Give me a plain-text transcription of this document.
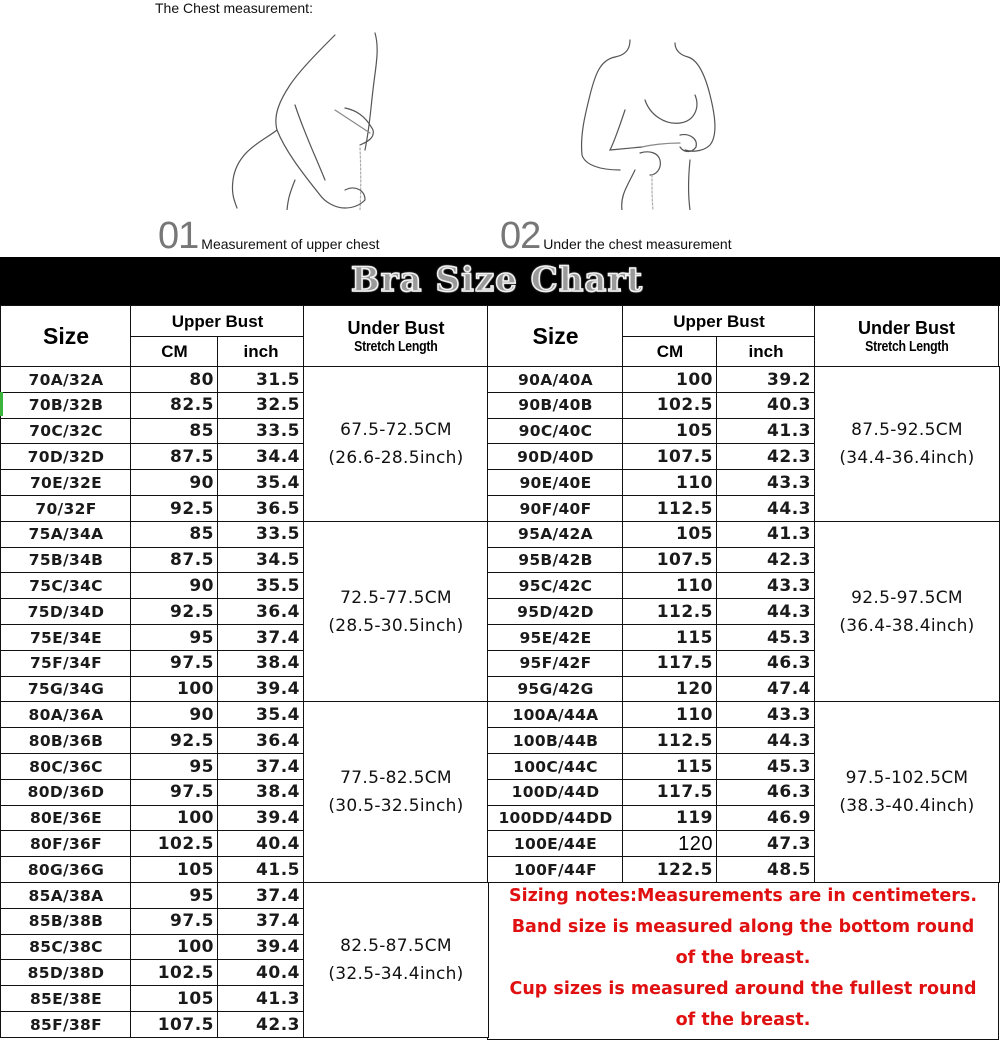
The Chest measurement:
01 Measurement of upper chest	02 Under the chest measurement
Bra Size Chart
Size
Upper Bust
CM	inch
Under Bust
Stretch Length	Size
Upper Bust
CM	inch
Under Bust
Stretch Length
Sizing notes:Measurements are in centimeters.
Band size is measured along the bottom round
of the breast.
Cup sizes is measured around the fullest round
of the breast.
70A/32A	80	31.5
70B/32B	82.5	32.5
70C/32C	85	33.5
70D/32D	87.5	34.4
70E/32E	90	35.4
70/32F	92.5	36.5
67.5-72.5CM
(26.6-28.5inch)
75A/34A	85	33.5
75B/34B	87.5	34.5
75C/34C	90	35.5
75D/34D	92.5	36.4
75E/34E	95	37.4
75F/34F	97.5	38.4
75G/34G	100	39.4
72.5-77.5CM
(28.5-30.5inch)
80A/36A	90	35.4
80B/36B	92.5	36.4
80C/36C	95	37.4
80D/36D	97.5	38.4
80E/36E	100	39.4
80F/36F	102.5	40.4
80G/36G	105	41.5
77.5-82.5CM
(30.5-32.5inch)
85A/38A	95	37.4
85B/38B	97.5	37.4
85C/38C	100	39.4
85D/38D	102.5	40.4
85E/38E	105	41.3
85F/38F	107.5	42.3
82.5-87.5CM
(32.5-34.4inch)
90A/40A	100	39.2
90B/40B	102.5	40.3
90C/40C	105	41.3
90D/40D	107.5	42.3
90E/40E	110	43.3
90F/40F	112.5	44.3
87.5-92.5CM
(34.4-36.4inch)
95A/42A	105	41.3
95B/42B	107.5	42.3
95C/42C	110	43.3
95D/42D	112.5	44.3
95E/42E	115	45.3
95F/42F	117.5	46.3
95G/42G	120	47.4
92.5-97.5CM
(36.4-38.4inch)
100A/44A	110	43.3
100B/44B	112.5	44.3
100C/44C	115	45.3
100D/44D	117.5	46.3
100DD/44DD	119	46.9
100E/44E	120	47.3
100F/44F	122.5	48.5
97.5-102.5CM
(38.3-40.4inch)
